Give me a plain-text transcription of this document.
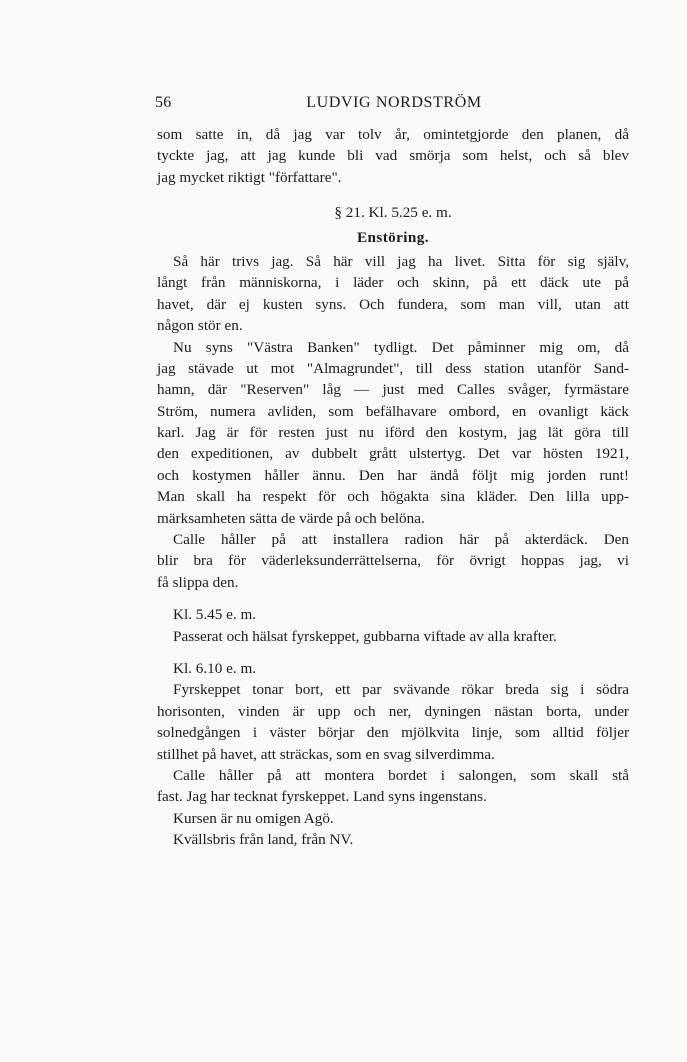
56	LUDVIG NORDSTRÖM
som satte in, då jag var tolv år, omintetgjorde den planen, då
tyckte jag, att jag kunde bli vad smörja som helst, och så blev
jag mycket riktigt "författare".
§ 21. Kl. 5.25 e. m.
Enstöring.
Så här trivs jag. Så här vill jag ha livet. Sitta för sig själv,
långt från människorna, i läder och skinn, på ett däck ute på
havet, där ej kusten syns. Och fundera, som man vill, utan att
någon stör en.
Nu syns "Västra Banken" tydligt. Det påminner mig om, då
jag stävade ut mot "Almagrundet", till dess station utanför Sand-
hamn, där "Reserven" låg — just med Calles svåger, fyrmästare
Ström, numera avliden, som befälhavare ombord, en ovanligt käck
karl. Jag är för resten just nu iförd den kostym, jag lät göra till
den expeditionen, av dubbelt grått ulstertyg. Det var hösten 1921,
och kostymen håller ännu. Den har ändå följt mig jorden runt!
Man skall ha respekt för och högakta sina kläder. Den lilla upp-
märksamheten sätta de värde på och belöna.
Calle håller på att installera radion här på akterdäck. Den
blir bra för väderleksunderrättelserna, för övrigt hoppas jag, vi
få slippa den.
Kl. 5.45 e. m.
Passerat och hälsat fyrskeppet, gubbarna viftade av alla krafter.
Kl. 6.10 e. m.
Fyrskeppet tonar bort, ett par svävande rökar breda sig i södra
horisonten, vinden är upp och ner, dyningen nästan borta, under
solnedgången i väster börjar den mjölkvita linje, som alltid följer
stillhet på havet, att sträckas, som en svag silverdimma.
Calle håller på att montera bordet i salongen, som skall stå
fast. Jag har tecknat fyrskeppet. Land syns ingenstans.
Kursen är nu omigen Agö.
Kvällsbris från land, från NV.
